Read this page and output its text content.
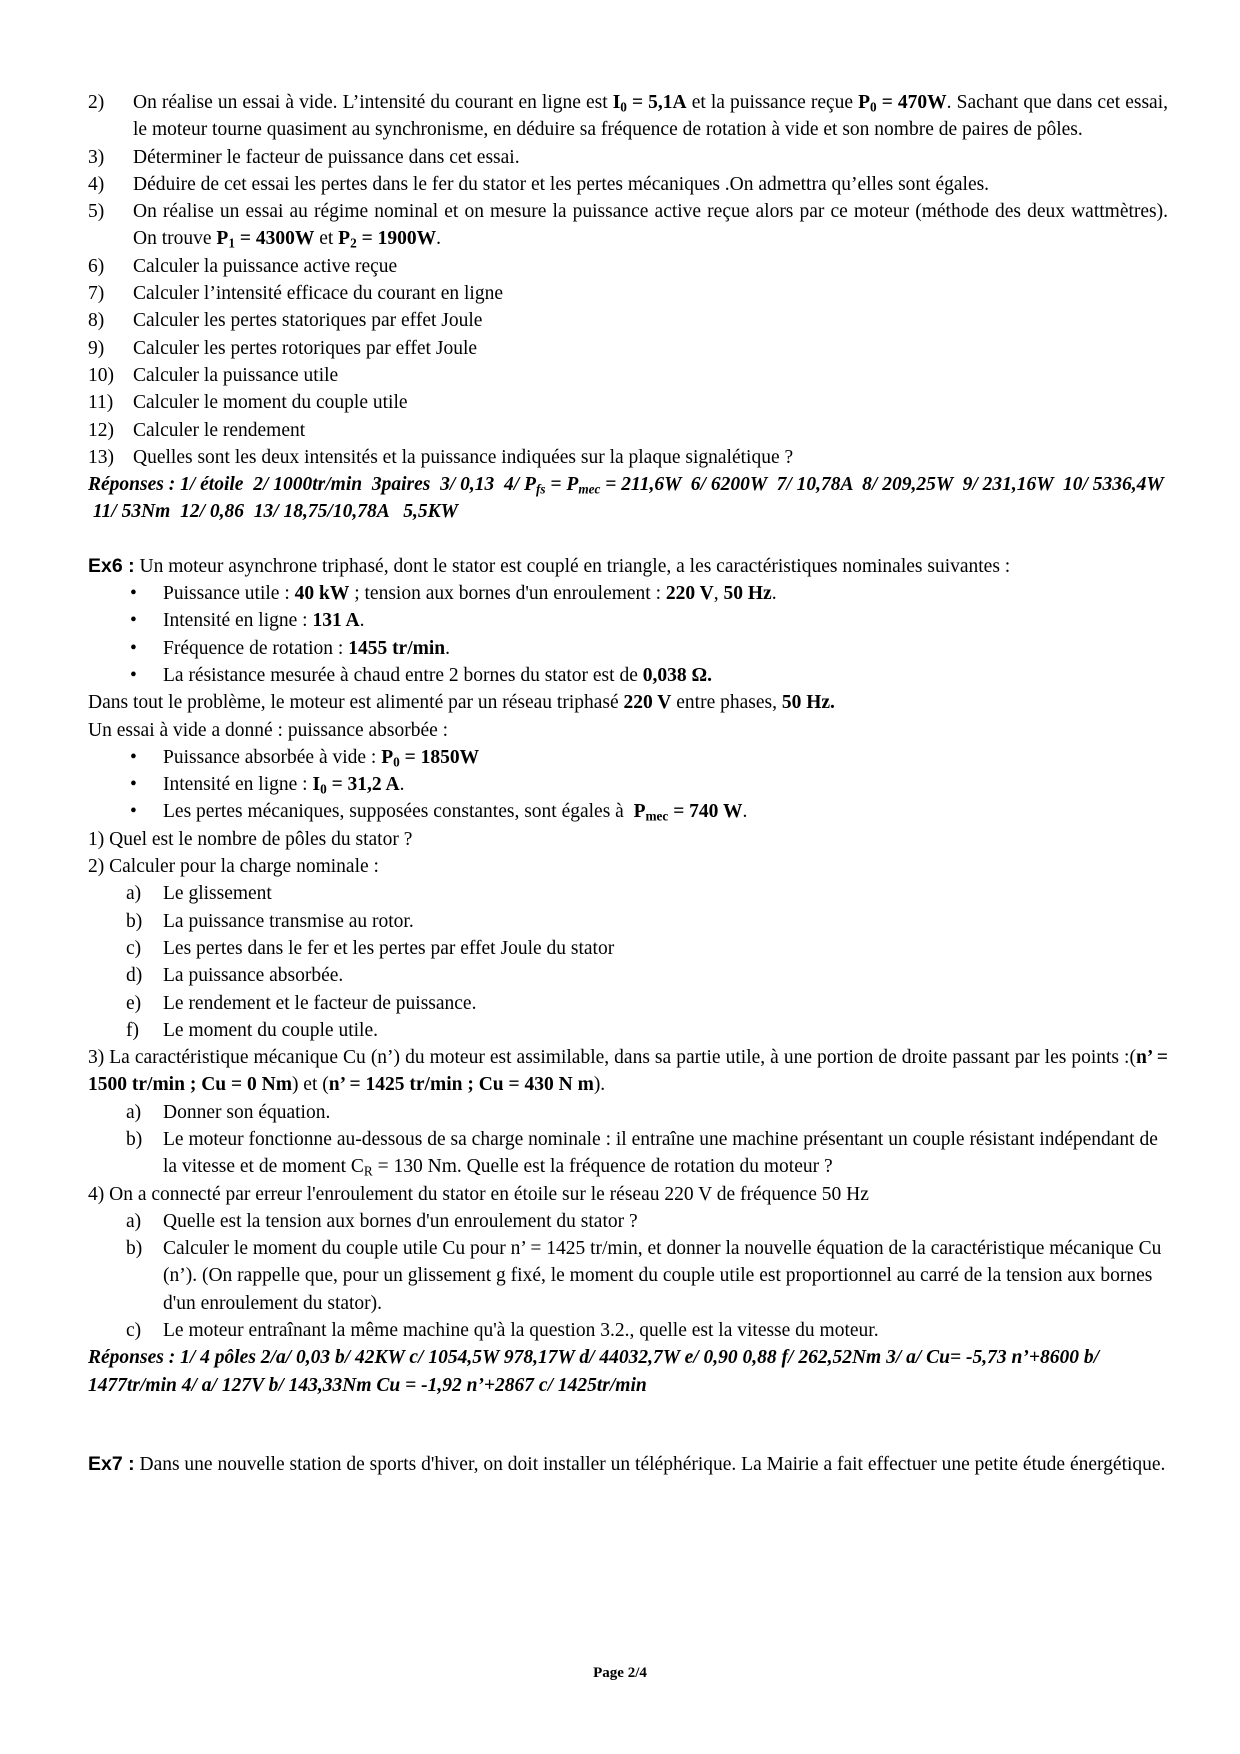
2) On réalise un essai à vide. L’intensité du courant en ligne est $I_0 = 5,1A$ et la puissance reçue $P_0 = 470W$. Sachant que dans cet essai, le moteur tourne quasiment au synchronisme, en déduire sa fréquence de rotation à vide et son nombre de paires de pôles.
3) Déterminer le facteur de puissance dans cet essai.
4) Déduire de cet essai les pertes dans le fer du stator et les pertes mécaniques .On admettra qu’elles sont égales.
5) On réalise un essai au régime nominal et on mesure la puissance active reçue alors par ce moteur (méthode des deux wattmètres). On trouve $P_1 = 4300W$ et $P_2 = 1900W$.
6) Calculer la puissance active reçue
7) Calculer l’intensité efficace du courant en ligne
8) Calculer les pertes statoriques par effet Joule
9) Calculer les pertes rotoriques par effet Joule
10) Calculer la puissance utile
11) Calculer le moment du couple utile
12) Calculer le rendement
13) Quelles sont les deux intensités et la puissance indiquées sur la plaque signalétique ?
Réponses : 1/ étoile  2/ 1000tr/min  3paires  3/ 0,13  4/ $P_{fs} = P_{mec} = 211,6W$  6/ 6200W  7/ 10,78A  8/ 209,25W  9/ 231,16W  10/ 5336,4W  11/ 53Nm  12/ 0,86  13/ 18,75/10,78A   5,5KW
Ex6 : Un moteur asynchrone triphasé, dont le stator est couplé en triangle, a les caractéristiques nominales suivantes :
• Puissance utile : 40 kW ; tension aux bornes d'un enroulement : 220 V, 50 Hz.
• Intensité en ligne : 131 A.
• Fréquence de rotation : 1455 tr/min.
• La résistance mesurée à chaud entre 2 bornes du stator est de 0,038 Ω.
Dans tout le problème, le moteur est alimenté par un réseau triphasé 220 V entre phases, 50 Hz.
Un essai à vide a donné : puissance absorbée :
• Puissance absorbée à vide : $P_0 = 1850W$
• Intensité en ligne : $I_0 = 31,2$ A.
• Les pertes mécaniques, supposées constantes, sont égales à  $P_{mec} = 740$ W.
1) Quel est le nombre de pôles du stator ?
2) Calculer pour la charge nominale :
a) Le glissement
b) La puissance transmise au rotor.
c) Les pertes dans le fer et les pertes par effet Joule du stator
d) La puissance absorbée.
e) Le rendement et le facteur de puissance.
f) Le moment du couple utile.
3) La caractéristique mécanique Cu (n’) du moteur est assimilable, dans sa partie utile, à une portion de droite passant par les points :(n’ = 1500 tr/min ; Cu = 0 Nm) et (n’ = 1425 tr/min ; Cu = 430 N m).
a) Donner son équation.
b) Le moteur fonctionne au-dessous de sa charge nominale : il entraîne une machine présentant un couple résistant indépendant de la vitesse et de moment $C_R = 130$ Nm. Quelle est la fréquence de rotation du moteur ?
4) On a connecté par erreur l'enroulement du stator en étoile sur le réseau 220 V de fréquence 50 Hz
a) Quelle est la tension aux bornes d'un enroulement du stator ?
b) Calculer le moment du couple utile Cu pour n’ = 1425 tr/min, et donner la nouvelle équation de la caractéristique mécanique Cu (n’). (On rappelle que, pour un glissement g fixé, le moment du couple utile est proportionnel au carré de la tension aux bornes d'un enroulement du stator).
c) Le moteur entraînant la même machine qu'à la question 3.2., quelle est la vitesse du moteur.
Réponses : 1/ 4 pôles 2/a/ 0,03 b/ 42KW c/ 1054,5W 978,17W d/ 44032,7W e/ 0,90 0,88 f/ 262,52Nm 3/ a/ Cu= -5,73 n’+8600 b/ 1477tr/min 4/ a/ 127V b/ 143,33Nm Cu = -1,92 n’+2867 c/ 1425tr/min
Ex7 : Dans une nouvelle station de sports d'hiver, on doit installer un téléphérique. La Mairie a fait effectuer une petite étude énergétique.
Page 2/4
